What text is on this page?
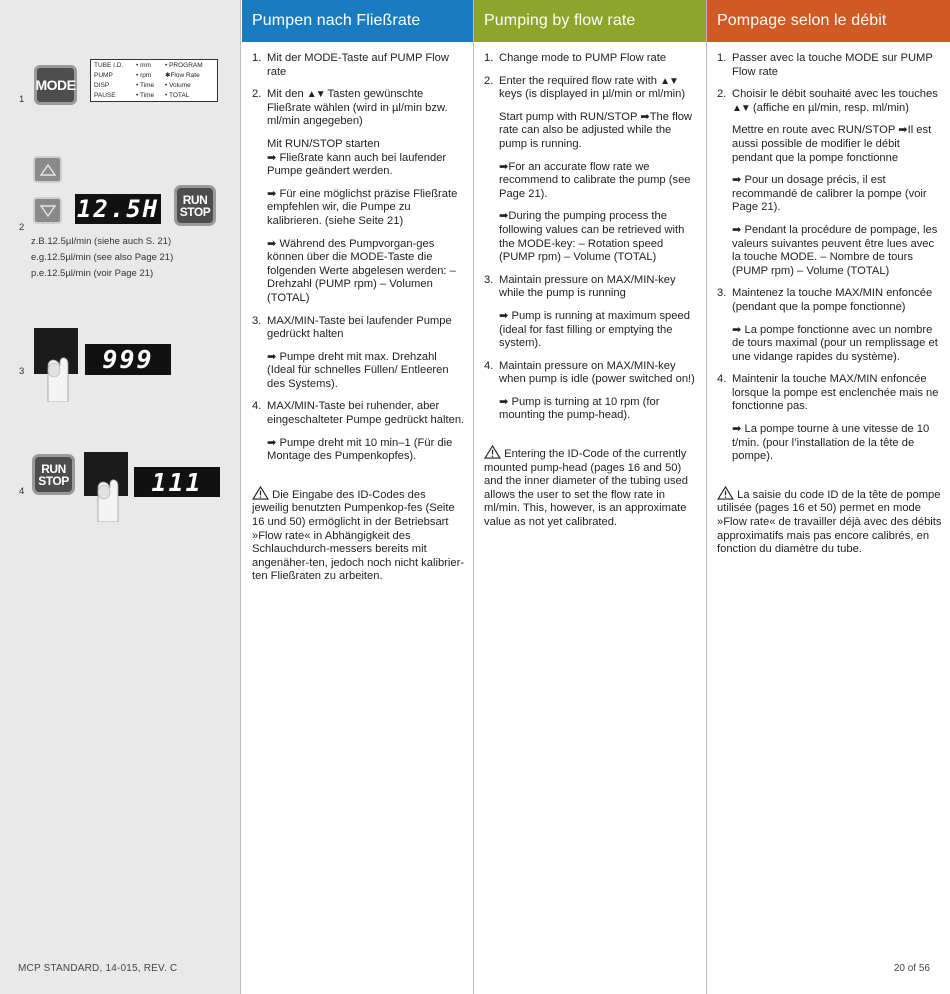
MODE
TUBE I.D.	• mm	• PROGRAM
PUMP	• rpm	✱Flow Rate
DISP	• Time	• Volume
PAUSE	• Time	• TOTAL
1
12.5H RUN
STOP
2
z.B.12.5µl/min (siehe auch S. 21)
e.g.12.5µl/min (see also Page 21)
p.e.12.5µl/min (voir Page 21)
999
3
RUN
STOP	111
4
MCP STANDARD, 14-015, REV. C
Pumpen nach Fließrate
1. Mit der MODE-Taste auf PUMP Flow rate
2. Mit den ▲▼ Tasten gewünschte Fließrate wählen (wird in µl/min bzw. ml/min angegeben)

Mit RUN/STOP starten

➡ Fließrate kann auch bei laufender Pumpe geändert werden.

➡ Für eine möglichst präzise Fließrate empfehlen wir, die Pumpe zu kalibrieren. (siehe Seite 21)

➡ Während des Pumpvorgan-ges können über die MODE-Taste die folgenden Werte abgelesen werden: – Drehzahl (PUMP rpm) – Volumen (TOTAL)

3. MAX/MIN-Taste bei laufender Pumpe gedrückt halten

➡ Pumpe dreht mit max. Drehzahl (Ideal für schnelles Füllen/ Entleeren des Systems).

4. MAX/MIN-Taste bei ruhender, aber eingeschalteter Pumpe gedrückt halten.

➡ Pumpe dreht mit 10 min–1 (Für die Montage des Pumpenkopfes).

Die Eingabe des ID-Codes des jeweilig benutzten Pumpenkop-fes (Seite 16 und 50) ermöglicht in der Betriebsart »Flow rate« in Abhängigkeit des Schlauchdurch-messers bereits mit angenäher-ten, jedoch noch nicht kalibrier-ten Fließraten zu arbeiten.

Pumping by flow rate
1. Change mode to PUMP Flow rate
2. Enter the required flow rate with ▲▼ keys (is displayed in µl/min or ml/min)

Start pump with RUN/STOP ➡The flow rate can also be adjusted while the pump is running.

➡For an accurate flow rate we recommend to calibrate the pump (see Page 21).

➡During the pumping process the following values can be retrieved with the MODE-key: – Rotation speed (PUMP rpm) – Volume (TOTAL)

3. Maintain pressure on MAX/MIN-key while the pump is running

➡ Pump is running at maximum speed (ideal for fast filling or emptying the system).

4. Maintain pressure on MAX/MIN-key when pump is idle (power switched on!)

➡ Pump is turning at 10 rpm (for mounting the pump-head).

Entering the ID-Code of the currently mounted pump-head (pages 16 and 50) and the inner diameter of the tubing used allows the user to set the flow rate in ml/min. This, however, is an approximate value as not yet calibrated.

Pompage selon le débit
1. Passer avec la touche MODE sur PUMP Flow rate
2. Choisir le débit souhaité avec les touches ▲▼ (affiche en µl/min, resp. ml/min)

Mettre en route avec RUN/STOP ➡Il est aussi possible de modifier le débit pendant que la pompe fonctionne

➡ Pour un dosage précis, il est recommandé de calibrer la pompe (voir Page 21).

➡ Pendant la procédure de pompage, les valeurs suivantes peuvent être lues avec la touche MODE. – Nombre de tours (PUMP rpm) – Volume (TOTAL)

3. Maintenez la touche MAX/MIN enfoncée (pendant que la pompe fonctionne)

➡ La pompe fonctionne avec un nombre de tours maximal (pour un remplissage et une vidange rapides du système).

4. Maintenir la touche MAX/MIN enfoncée lorsque la pompe est enclenchée mais ne fonctionne pas.

➡ La pompe tourne à une vitesse de 10 t/min. (pour l’installation de la tête de pompe).

La saisie du code ID de la tête de pompe utilisée (pages 16 et 50) permet en mode »Flow rate« de travailler déjà avec des débits approximatifs mais pas encore calibrés, en fonction du diamètre du tube.

20 of 56
